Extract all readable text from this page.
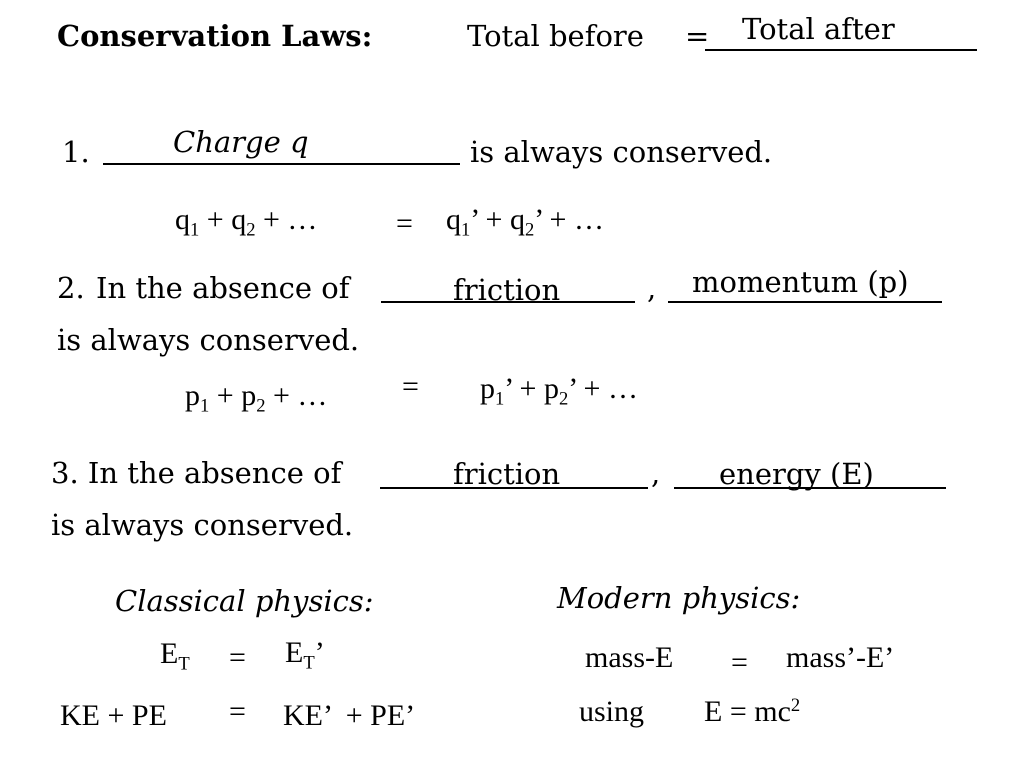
Conservation Laws:	Total before = Total after
1.	Charge q	is always conserved.
$q_1 + q_2$ + …	= $q_1$’ + $q_2$’ + …
2. In the absence of	friction	, momentum (p)
is always conserved.
$p_1 + p_2$ + … = $p_1$’ + $p_2$’ + …
3. In the absence of	friction	, energy (E)
is always conserved.
Classical physics:
$E_T = E_T$’
KE + PE = KE’  + PE’
Modern physics:
mass-E = mass’-E’
using $E = mc^2$
